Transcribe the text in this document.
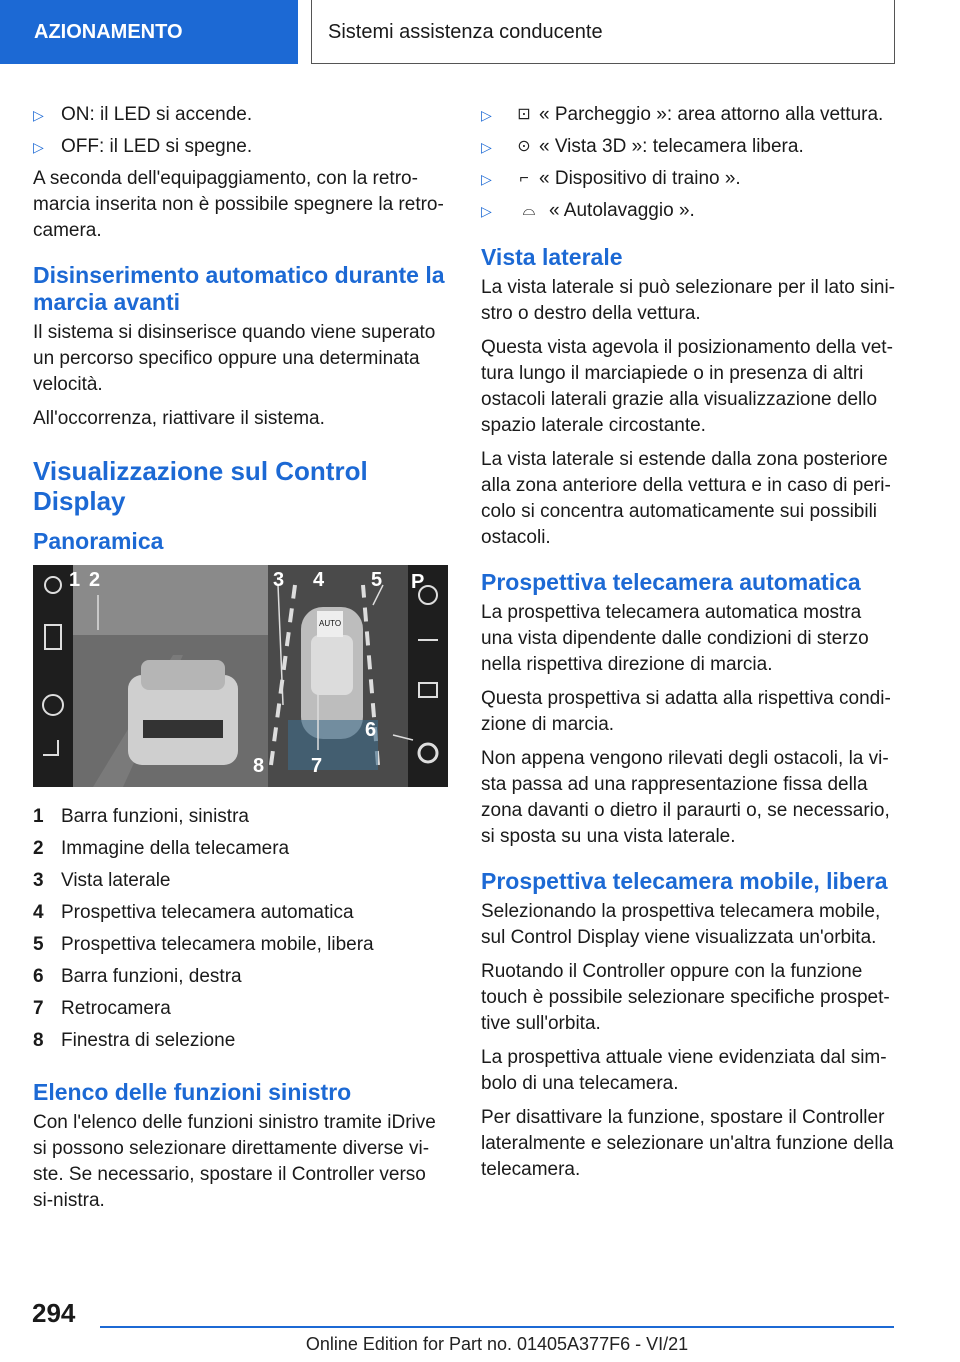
AZIONAMENTO	Sistemi assistenza conducente
▷ ON: il LED si accende.
▷ OFF: il LED si spegne.

A seconda dell'equipaggiamento, con la retro-marcia inserita non è possibile spegnere la retro-camera.

Disinserimento automatico durante la marcia avanti

Il sistema si disinserisce quando viene superato un percorso specifico oppure una determinata velocità.

All'occorrenza, riattivare il sistema.

Visualizzazione sul Control Display
Panoramica
1 2	3 4 5
6
7
8
P
AUTO
1 Barra funzioni, sinistra
2 Immagine della telecamera
3 Vista laterale
4 Prospettiva telecamera automatica
5 Prospettiva telecamera mobile, libera
6 Barra funzioni, destra
7 Retrocamera
8 Finestra di selezione
Elenco delle funzioni sinistro

Con l'elenco delle funzioni sinistro tramite iDrive si possono selezionare direttamente diverse vi-ste. Se necessario, spostare il Controller verso si-nistra.

▷	⊡ « Parcheggio »: area attorno alla vettura.
▷	⊙ « Vista 3D »: telecamera libera.
▷	⌐ « Dispositivo di traino ».
▷	⌓ « Autolavaggio ».
Vista laterale

La vista laterale si può selezionare per il lato sini-stro o destro della vettura.

Questa vista agevola il posizionamento della vet-tura lungo il marciapiede o in presenza di altri ostacoli laterali grazie alla visualizzazione dello spazio laterale circostante.

La vista laterale si estende dalla zona posteriore alla zona anteriore della vettura e in caso di peri-colo si concentra automaticamente sui possibili ostacoli.

Prospettiva telecamera automatica

La prospettiva telecamera automatica mostra una vista dipendente dalle condizioni di sterzo nella rispettiva direzione di marcia.

Questa prospettiva si adatta alla rispettiva condi-zione di marcia.

Non appena vengono rilevati degli ostacoli, la vi-sta passa ad una rappresentazione fissa della zona davanti o dietro il paraurti o, se necessario, si sposta su una vista laterale.

Prospettiva telecamera mobile, libera

Selezionando la prospettiva telecamera mobile, sul Control Display viene visualizzata un'orbita.

Ruotando il Controller oppure con la funzione touch è possibile selezionare specifiche prospet-tive sull'orbita.

La prospettiva attuale viene evidenziata dal sim-bolo di una telecamera.

Per disattivare la funzione, spostare il Controller lateralmente e selezionare un'altra funzione della telecamera.

294
Online Edition for Part no. 01405A377F6 - VI/21
